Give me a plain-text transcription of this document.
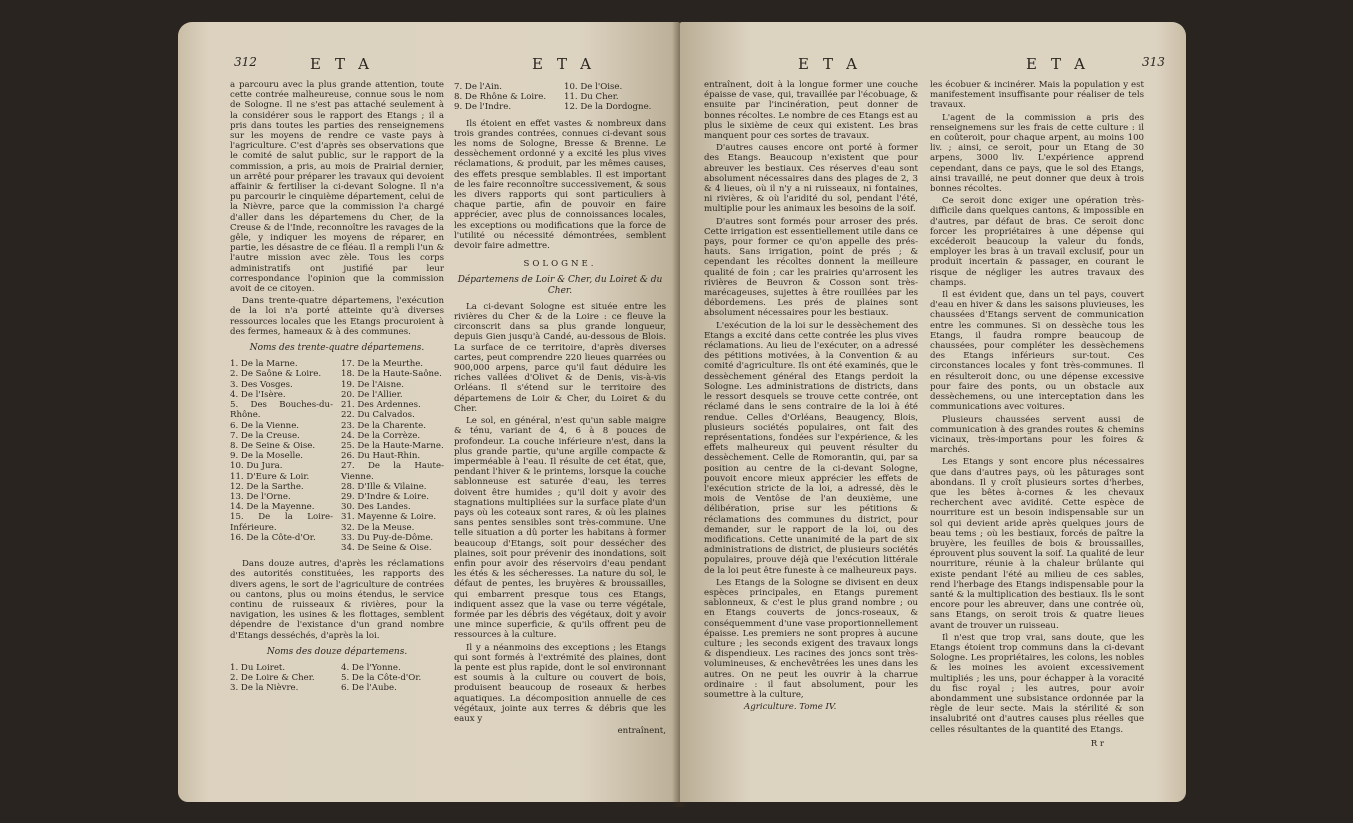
312	ETA	ETA

a parcouru avec la plus grande attention, toute cette contrée malheureuse, connue sous le nom de Sologne. Il ne s'est pas attaché seulement à la considérer sous le rapport des Etangs ; il a pris dans toutes les parties des renseignemens sur les moyens de rendre ce vaste pays à l'agriculture. C'est d'après ses observations que le comité de salut public, sur le rapport de la commission, a pris, au mois de Prairial dernier, un arrêté pour préparer les travaux qui devoient affainir & fertiliser la ci-devant Sologne. Il n'a pu parcourir le cinquième département, celui de la Nièvre, parce que la commission l'a chargé d'aller dans les départemens du Cher, de la Creuse & de l'Inde, reconnoître les ravages de la gêle, y indiquer les moyens de réparer, en partie, les désastre de ce fléau. Il a rempli l'un & l'autre mission avec zèle. Tous les corps administratifs ont justifié par leur correspondance l'opinion que la commission avoit de ce citoyen.

Dans trente-quatre départemens, l'exécution de la loi n'a porté atteinte qu'à diverses ressources locales que les Etangs procuroient à des fermes, hameaux & à des communes.

Noms des trente-quatre départemens.
1. De la Marne.
2. De Saône & Loire.
3. Des Vosges.
4. De l'Isère.
5. Des Bouches-du-Rhône.
6. De la Vienne.
7. De la Creuse.
8. De Seine & Oise.
9. De la Moselle.
10. Du Jura.
11. D'Eure & Loir.
12. De la Sarthe.
13. De l'Orne.
14. De la Mayenne.
15. De la Loire-Inférieure.
16. De la Côte-d'Or.
17. De la Meurthe.
18. De la Haute-Saône.
19. De l'Aisne.
20. De l'Allier.
21. Des Ardennes.
22. Du Calvados.
23. De la Charente.
24. De la Corrèze.
25. De la Haute-Marne.
26. Du Haut-Rhin.
27. De la Haute-Vienne.
28. D'Ille & Vilaine.
29. D'Indre & Loire.
30. Des Landes.
31. Mayenne & Loire.
32. De la Meuse.
33. Du Puy-de-Dôme.
34. De Seine & Oise.

Dans douze autres, d'après les réclamations des autorités constituées, les rapports des divers agens, le sort de l'agriculture de contrées ou cantons, plus ou moins étendus, le service continu de ruisseaux & rivières, pour la navigation, les usines & les flottages, semblent dépendre de l'existance d'un grand nombre d'Etangs desséchés, d'après la loi.

Noms des douze départemens.
1. Du Loiret.
2. De Loire & Cher.
3. De la Nièvre.
4. De l'Yonne.
5. De la Côte-d'Or.
6. De l'Aube.
7. De l'Ain.
8. De Rhône & Loire.
9. De l'Indre.
10. De l'Oise.
11. Du Cher.
12. De la Dordogne.

Ils étoient en effet vastes & nombreux dans trois grandes contrées, connues ci-devant sous les noms de Sologne, Bresse & Brenne. Le dessèchement ordonné y a excité les plus vives réclamations, & produit, par les mêmes causes, des effets presque semblables. Il est important de les faire reconnoître successivement, & sous les divers rapports qui sont particuliers à chaque partie, afin de pouvoir en faire apprécier, avec plus de connoissances locales, les exceptions ou modifications que la force de l'utilité ou nécessité démontrées, semblent devoir faire admettre.

SOLOGNE.
Départemens de Loir & Cher, du Loiret & du Cher.

La ci-devant Sologne est située entre les rivières du Cher & de la Loire : ce fleuve la circonscrit dans sa plus grande longueur, depuis Gien jusqu'à Candé, au-dessous de Blois. La surface de ce territoire, d'après diverses cartes, peut comprendre 220 lieues quarrées ou 900,000 arpens, parce qu'il faut déduire les riches vallées d'Olivet & de Denis, vis-à-vis Orléans. Il s'étend sur le territoire des départemens de Loir & Cher, du Loiret & du Cher.

Le sol, en général, n'est qu'un sable maigre & ténu, variant de 4, 6 à 8 pouces de profondeur. La couche inférieure n'est, dans la plus grande partie, qu'une argille compacte & imperméable à l'eau. Il résulte de cet état, que, pendant l'hiver & le printems, lorsque la couche sablonneuse est saturée d'eau, les terres doivent être humides ; qu'il doit y avoir des stagnations multipliées sur la surface plate d'un pays où les coteaux sont rares, & où les plaines sans pentes sensibles sont très-commune. Une telle situation a dû porter les habitans à former beaucoup d'Etangs, soit pour dessécher des plaines, soit pour prévenir des inondations, soit enfin pour avoir des réservoirs d'eau pendant les étés & les sécheresses. La nature du sol, le défaut de pentes, les bruyères & broussailles, qui embarrent presque tous ces Etangs, indiquent assez que la vase ou terre végétale, formée par les débris des végétaux, doit y avoir une mince superficie, & qu'ils offrent peu de ressources à la culture.

Il y a néanmoins des exceptions ; les Etangs qui sont formés à l'extrémité des plaines, dont la pente est plus rapide, dont le sol environnant est soumis à la culture ou couvert de bois, produisent beaucoup de roseaux & herbes aquatiques. La décomposition annuelle de ces végétaux, jointe aux terres & débris que les eaux y

entraînent,
ETA	ETA	313

entraînent, doit à la longue former une couche épaisse de vase, qui, travaillée par l'écobuage, & ensuite par l'incinération, peut donner de bonnes récoltes. Le nombre de ces Etangs est au plus le sixième de ceux qui existent. Les bras manquent pour ces sortes de travaux.

D'autres causes encore ont porté à former des Etangs. Beaucoup n'existent que pour abreuver les bestiaux. Ces réserves d'eau sont absolument nécessaires dans des plages de 2, 3 & 4 lieues, où il n'y a ni ruisseaux, ni fontaines, ni rivières, & où l'aridité du sol, pendant l'été, multiplie pour les animaux les besoins de la soif.

D'autres sont formés pour arroser des prés. Cette irrigation est essentiellement utile dans ce pays, pour former ce qu'on appelle des prés-hauts. Sans irrigation, point de prés ; & cependant les récoltes donnent la meilleure qualité de foin ; car les prairies qu'arrosent les rivières de Beuvron & Cosson sont très-marécageuses, sujettes à être rouillées par les débordemens. Les prés de plaines sont absolument nécessaires pour les bestiaux.

L'exécution de la loi sur le dessèchement des Etangs a excité dans cette contrée les plus vives réclamations. Au lieu de l'exécuter, on a adressé des pétitions motivées, à la Convention & au comité d'agriculture. Ils ont été examinés, que le dessèchement général des Etangs perdoit la Sologne. Les administrations de districts, dans le ressort desquels se trouve cette contrée, ont réclamé dans le sens contraire de la loi à été rendue. Celles d'Orléans, Beaugency, Blois, plusieurs sociétés populaires, ont fait des représentations, fondées sur l'expérience, & les effets malheureux qui peuvent résulter du dessèchement. Celle de Romorantin, qui, par sa position au centre de la ci-devant Sologne, pouvoit encore mieux apprécier les effets de l'exécution stricte de la loi, a adressé, dès le mois de Ventôse de l'an deuxième, une délibération, prise sur les pétitions & réclamations des communes du district, pour demander, sur le rapport de la loi, ou des modifications. Cette unanimité de la part de six administrations de district, de plusieurs sociétés populaires, prouve déjà que l'exécution littérale de la loi peut être funeste à ce malheureux pays.

Les Etangs de la Sologne se divisent en deux espèces principales, en Etangs purement sablonneux, & c'est le plus grand nombre ; ou en Etangs couverts de joncs-roseaux, & conséquemment d'une vase proportionnellement épaisse. Les premiers ne sont propres à aucune culture ; les seconds exigent des travaux longs & dispendieux. Les racines des joncs sont très-volumineuses, & enchevêtrées les unes dans les autres. On ne peut les ouvrir à la charrue ordinaire : il faut absolument, pour les soumettre à la culture,

Agriculture. Tome IV.

les écobuer & incinérer. Mais la population y est manifestement insuffisante pour réaliser de tels travaux.

L'agent de la commission a pris des renseignemens sur les frais de cette culture : il en coûteroit, pour chaque arpent, au moins 100 liv. ; ainsi, ce seroit, pour un Etang de 30 arpens, 3000 liv. L'expérience apprend cependant, dans ce pays, que le sol des Etangs, ainsi travaillé, ne peut donner que deux à trois bonnes récoltes.

Ce seroit donc exiger une opération très-difficile dans quelques cantons, & impossible en d'autres, par défaut de bras. Ce seroit donc forcer les propriétaires à une dépense qui excéderoit beaucoup la valeur du fonds, employer les bras à un travail exclusif, pour un produit incertain & passager, en courant le risque de négliger les autres travaux des champs.

Il est évident que, dans un tel pays, couvert d'eau en hiver & dans les saisons pluvieuses, les chaussées d'Etangs servent de communication entre les communes. Si on dessèche tous les Etangs, il faudra rompre beaucoup de chaussées, pour compléter les dessèchemens des Etangs inférieurs sur-tout. Ces circonstances locales y font très-communes. Il en résulteroit donc, ou une dépense excessive pour faire des ponts, ou un obstacle aux dessèchemens, ou une interceptation dans les communications avec voitures.

Plusieurs chaussées servent aussi de communication à des grandes routes & chemins vicinaux, très-importans pour les foires & marchés.

Les Etangs y sont encore plus nécessaires que dans d'autres pays, où les pâturages sont abondans. Il y croît plusieurs sortes d'herbes, que les bêtes à-cornes & les chevaux recherchent avec avidité. Cette espèce de nourriture est un besoin indispensable sur un sol qui devient aride après quelques jours de beau tems ; où les bestiaux, forcés de paître la bruyère, les feuilles de bois & broussailles, éprouvent plus souvent la soif. La qualité de leur nourriture, réunie à la chaleur brûlante qui existe pendant l'été au milieu de ces sables, rend l'herbage des Etangs indispensable pour la santé & la multiplication des bestiaux. Ils le sont encore pour les abreuver, dans une contrée où, sans Etangs, on seroit trois & quatre lieues avant de trouver un ruisseau.

Il n'est que trop vrai, sans doute, que les Etangs étoient trop communs dans la ci-devant Sologne. Les propriétaires, les colons, les nobles & les moines les avoient excessivement multipliés ; les uns, pour échapper à la voracité du fisc royal ; les autres, pour avoir abondamment une subsistance ordonnée par la règle de leur secte. Mais la stérilité & son insalubrité ont d'autres causes plus réelles que celles résultantes de la quantité des Etangs.

R r
